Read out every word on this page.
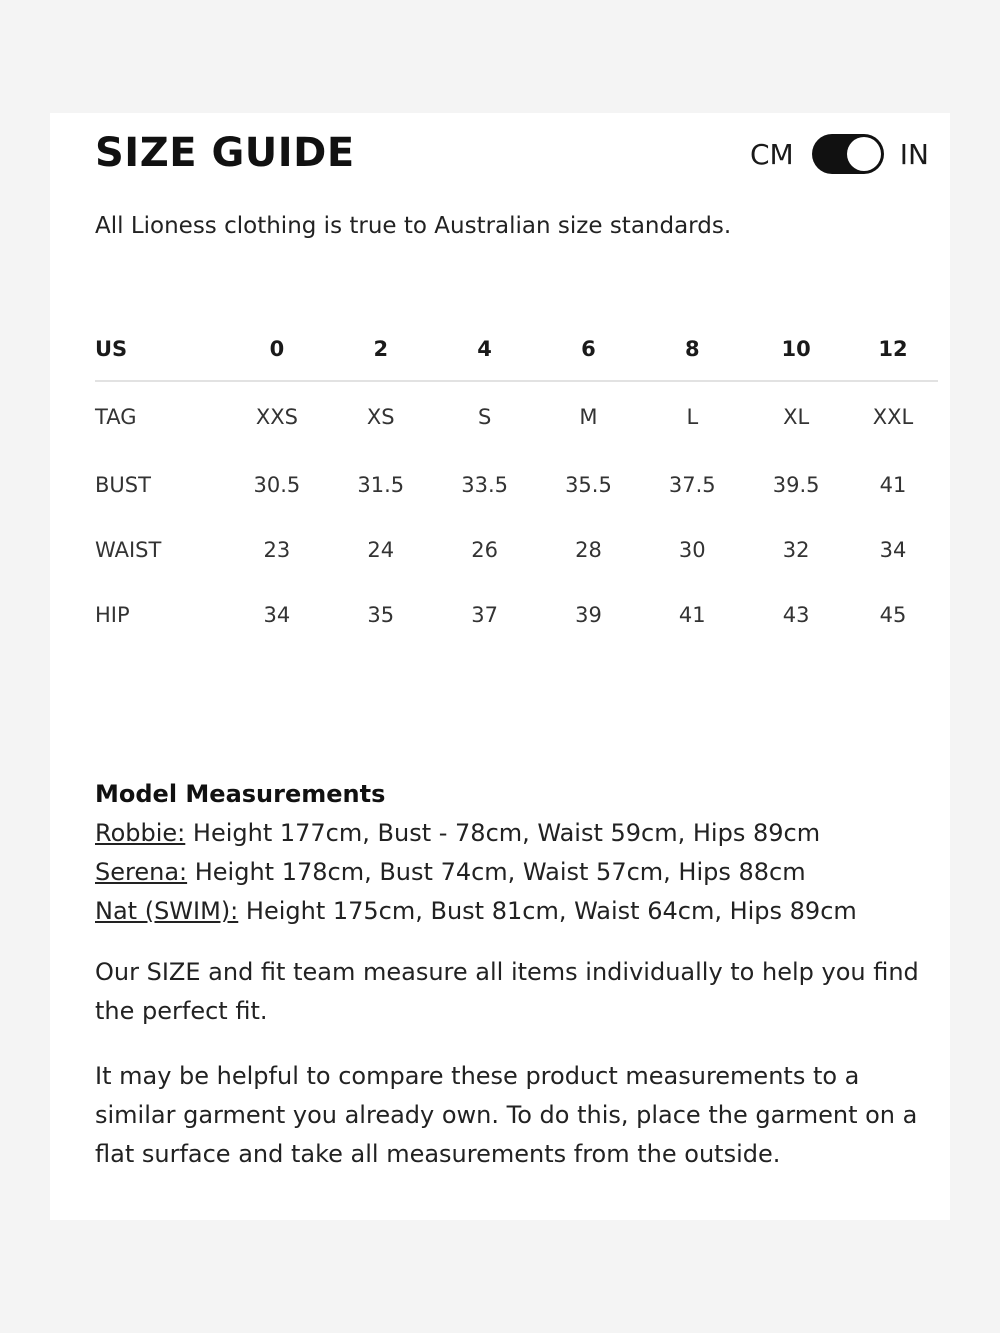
SIZE GUIDE	CM	IN
All Lioness clothing is true to Australian size standards.
US	0	2	4	6	8	10	12
TAG	XXS	XS	S	M	L	XL	XXL
BUST	30.5	31.5	33.5	35.5	37.5	39.5	41
WAIST	23	24	26	28	30	32	34
HIP	34	35	37	39	41	43	45
Model Measurements
Robbie: Height 177cm, Bust - 78cm, Waist 59cm, Hips 89cm
Serena: Height 178cm, Bust 74cm, Waist 57cm, Hips 88cm
Nat (SWIM): Height 175cm, Bust 81cm, Waist 64cm, Hips 89cm

Our SIZE and fit team measure all items individually to help you find the perfect fit.

It may be helpful to compare these product measurements to a similar garment you already own. To do this, place the garment on a flat surface and take all measurements from the outside.
